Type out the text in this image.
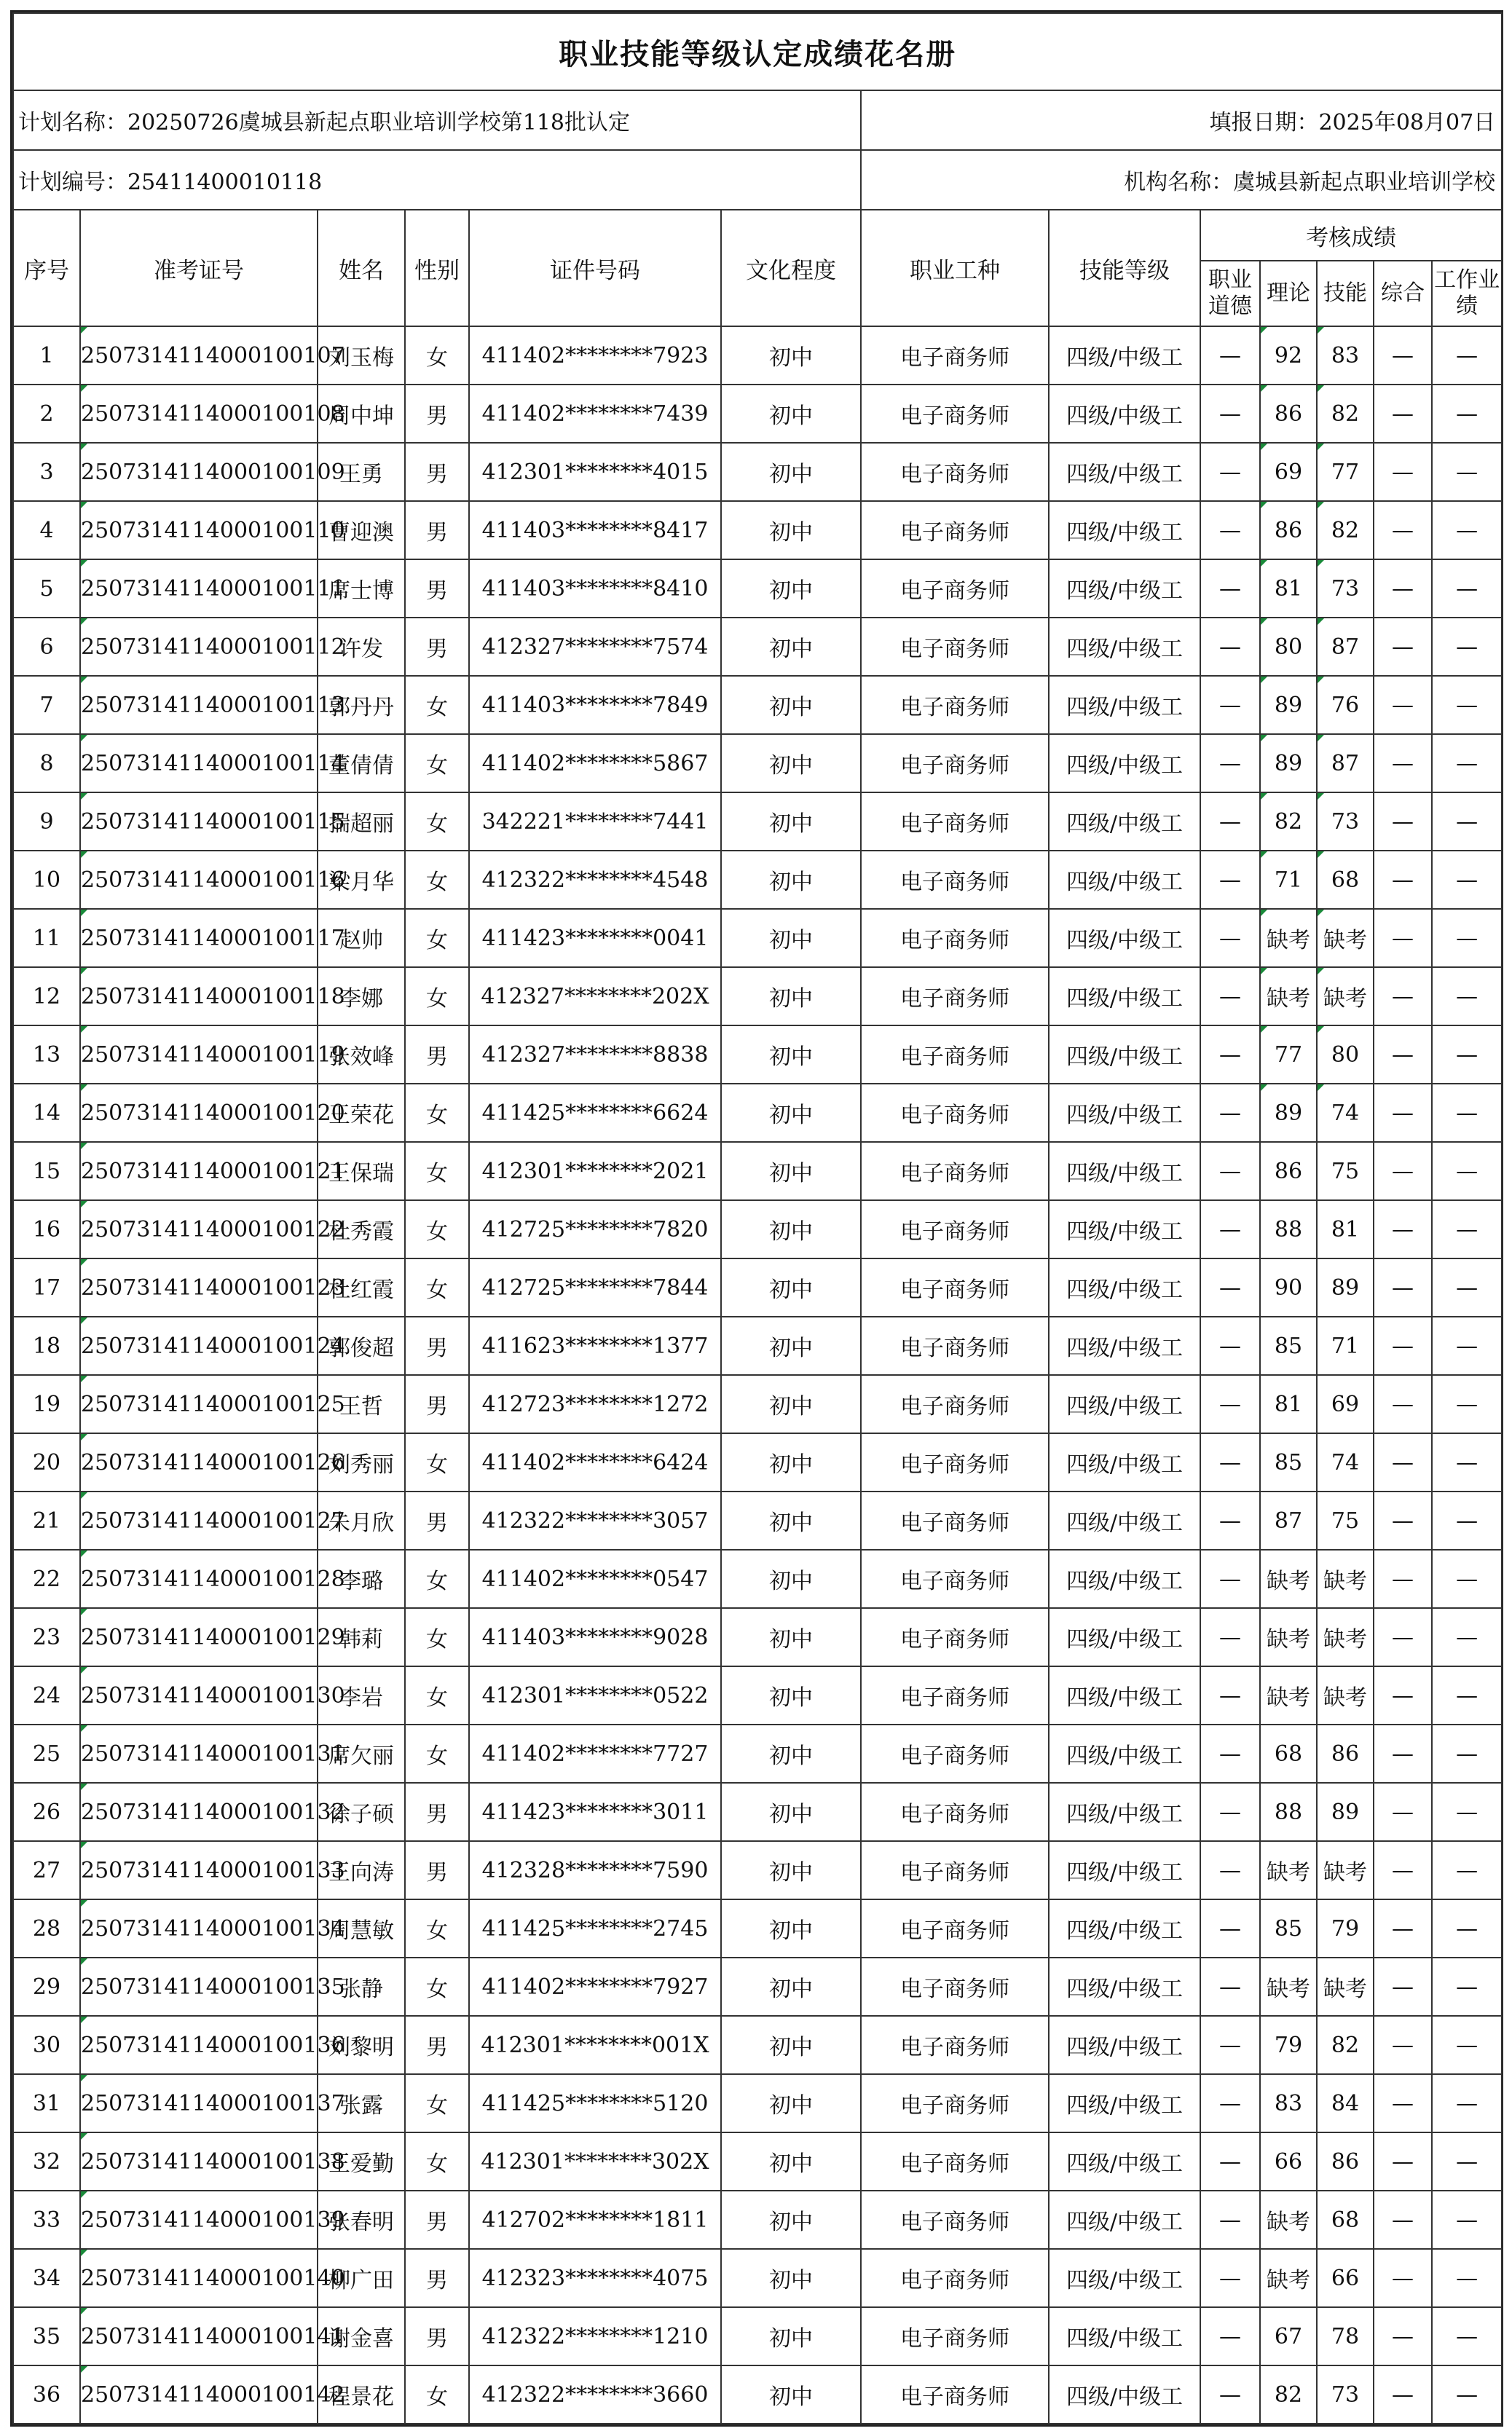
职业技能等级认定成绩花名册												
计划名称：20250726虞城县新起点职业培训学校第118批认定						填报日期：2025年08月07日						
计划编号：25411400010118						机构名称：虞城县新起点职业培训学校						
序号	准考证号	姓名	性别	证件号码	文化程度	职业工种	技能等级	考核成绩				
								职业道德	理论	技能	综合	工作业绩
1	2507314114000100107	刘玉梅	女	411402********7923	初中	电子商务师	四级/中级工	—	92	83	—	—
2	2507314114000100108	周中坤	男	411402********7439	初中	电子商务师	四级/中级工	—	86	82	—	—
3	2507314114000100109	王勇	男	412301********4015	初中	电子商务师	四级/中级工	—	69	77	—	—
4	2507314114000100110	曹迎澳	男	411403********8417	初中	电子商务师	四级/中级工	—	86	82	—	—
5	2507314114000100111	席士博	男	411403********8410	初中	电子商务师	四级/中级工	—	81	73	—	—
6	2507314114000100112	许发	男	412327********7574	初中	电子商务师	四级/中级工	—	80	87	—	—
7	2507314114000100113	郭丹丹	女	411403********7849	初中	电子商务师	四级/中级工	—	89	76	—	—
8	2507314114000100114	董倩倩	女	411402********5867	初中	电子商务师	四级/中级工	—	89	87	—	—
9	2507314114000100115	揣超丽	女	342221********7441	初中	电子商务师	四级/中级工	—	82	73	—	—
10	2507314114000100116	梁月华	女	412322********4548	初中	电子商务师	四级/中级工	—	71	68	—	—
11	2507314114000100117	赵帅	女	411423********0041	初中	电子商务师	四级/中级工	—	缺考	缺考	—	—
12	2507314114000100118	李娜	女	412327********202X	初中	电子商务师	四级/中级工	—	缺考	缺考	—	—
13	2507314114000100119	张效峰	男	412327********8838	初中	电子商务师	四级/中级工	—	77	80	—	—
14	2507314114000100120	王荣花	女	411425********6624	初中	电子商务师	四级/中级工	—	89	74	—	—
15	2507314114000100121	王保瑞	女	412301********2021	初中	电子商务师	四级/中级工	—	86	75	—	—
16	2507314114000100122	杜秀霞	女	412725********7820	初中	电子商务师	四级/中级工	—	88	81	—	—
17	2507314114000100123	杜红霞	女	412725********7844	初中	电子商务师	四级/中级工	—	90	89	—	—
18	2507314114000100124	郭俊超	男	411623********1377	初中	电子商务师	四级/中级工	—	85	71	—	—
19	2507314114000100125	王哲	男	412723********1272	初中	电子商务师	四级/中级工	—	81	69	—	—
20	2507314114000100126	刘秀丽	女	411402********6424	初中	电子商务师	四级/中级工	—	85	74	—	—
21	2507314114000100127	朱月欣	男	412322********3057	初中	电子商务师	四级/中级工	—	87	75	—	—
22	2507314114000100128	李璐	女	411402********0547	初中	电子商务师	四级/中级工	—	缺考	缺考	—	—
23	2507314114000100129	韩莉	女	411403********9028	初中	电子商务师	四级/中级工	—	缺考	缺考	—	—
24	2507314114000100130	李岩	女	412301********0522	初中	电子商务师	四级/中级工	—	缺考	缺考	—	—
25	2507314114000100131	席欠丽	女	411402********7727	初中	电子商务师	四级/中级工	—	68	86	—	—
26	2507314114000100132	徐子硕	男	411423********3011	初中	电子商务师	四级/中级工	—	88	89	—	—
27	2507314114000100133	王向涛	男	412328********7590	初中	电子商务师	四级/中级工	—	缺考	缺考	—	—
28	2507314114000100134	周慧敏	女	411425********2745	初中	电子商务师	四级/中级工	—	85	79	—	—
29	2507314114000100135	张静	女	411402********7927	初中	电子商务师	四级/中级工	—	缺考	缺考	—	—
30	2507314114000100136	刘黎明	男	412301********001X	初中	电子商务师	四级/中级工	—	79	82	—	—
31	2507314114000100137	张露	女	411425********5120	初中	电子商务师	四级/中级工	—	83	84	—	—
32	2507314114000100138	王爱勤	女	412301********302X	初中	电子商务师	四级/中级工	—	66	86	—	—
33	2507314114000100139	张春明	男	412702********1811	初中	电子商务师	四级/中级工	—	缺考	68	—	—
34	2507314114000100140	柳广田	男	412323********4075	初中	电子商务师	四级/中级工	—	缺考	66	—	—
35	2507314114000100141	谢金喜	男	412322********1210	初中	电子商务师	四级/中级工	—	67	78	—	—
36	2507314114000100142	程景花	女	412322********3660	初中	电子商务师	四级/中级工	—	82	73	—	—
